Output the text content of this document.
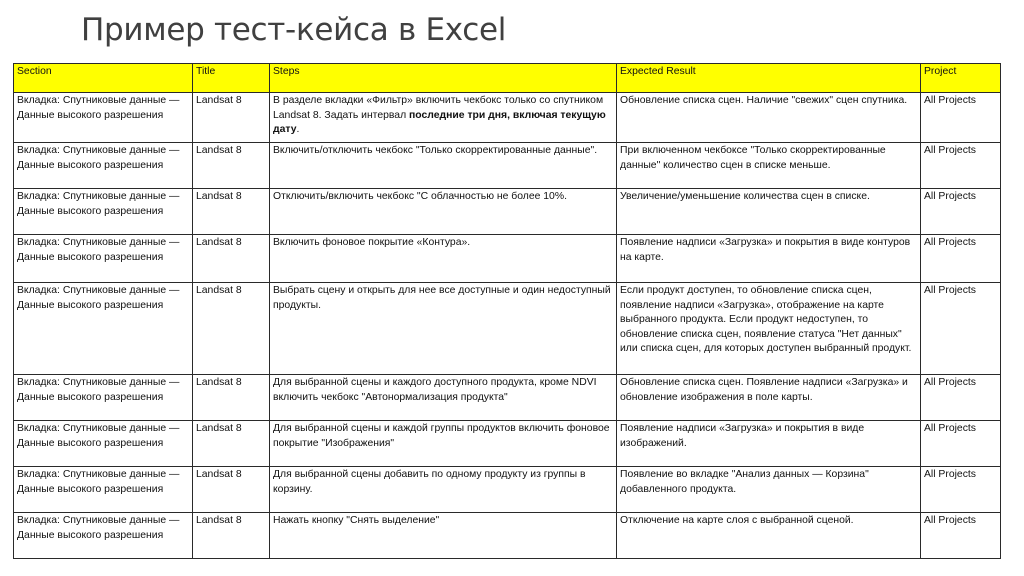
Пример тест-кейса в Excel
Section	Title	Steps	Expected Result	Project
Вкладка: Спутниковые данные — Данные высокого разрешения	Landsat 8	В разделе вкладки «Фильтр» включить чекбокс только со спутником Landsat 8. Задать интервал последние три дня, включая текущую дату.	Обновление списка сцен. Наличие "свежих" сцен спутника.	All Projects
Вкладка: Спутниковые данные — Данные высокого разрешения	Landsat 8	Включить/отключить чекбокс "Только скорректированные данные".	При включенном чекбоксе "Только скорректированные данные" количество сцен в списке меньше.	All Projects
Вкладка: Спутниковые данные — Данные высокого разрешения	Landsat 8	Отключить/включить чекбокс "С облачностью не более 10%.	Увеличение/уменьшение количества сцен в списке.	All Projects
Вкладка: Спутниковые данные — Данные высокого разрешения	Landsat 8	Включить фоновое покрытие «Контура».	Появление надписи «Загрузка» и покрытия в виде контуров на карте.	All Projects
Вкладка: Спутниковые данные — Данные высокого разрешения	Landsat 8	Выбрать сцену и открыть для нее все доступные и один недоступный продукты.	Если продукт доступен, то обновление списка сцен, появление надписи «Загрузка», отображение на карте выбранного продукта. Если продукт недоступен, то обновление списка сцен, появление статуса "Нет данных" или списка сцен, для которых доступен выбранный продукт.	All Projects
Вкладка: Спутниковые данные — Данные высокого разрешения	Landsat 8	Для выбранной сцены и каждого доступного продукта, кроме NDVI включить чекбокс "Автонормализация продукта"	Обновление списка сцен. Появление надписи «Загрузка» и обновление изображения в поле карты.	All Projects
Вкладка: Спутниковые данные — Данные высокого разрешения	Landsat 8	Для выбранной сцены и каждой группы продуктов включить фоновое покрытие "Изображения"	Появление надписи «Загрузка» и покрытия в виде изображений.	All Projects
Вкладка: Спутниковые данные — Данные высокого разрешения	Landsat 8	Для выбранной сцены добавить по одному продукту из группы в корзину.	Появление во вкладке "Анализ данных — Корзина" добавленного продукта.	All Projects
Вкладка: Спутниковые данные — Данные высокого разрешения	Landsat 8	Нажать кнопку "Снять выделение"	Отключение на карте слоя с выбранной сценой.	All Projects
